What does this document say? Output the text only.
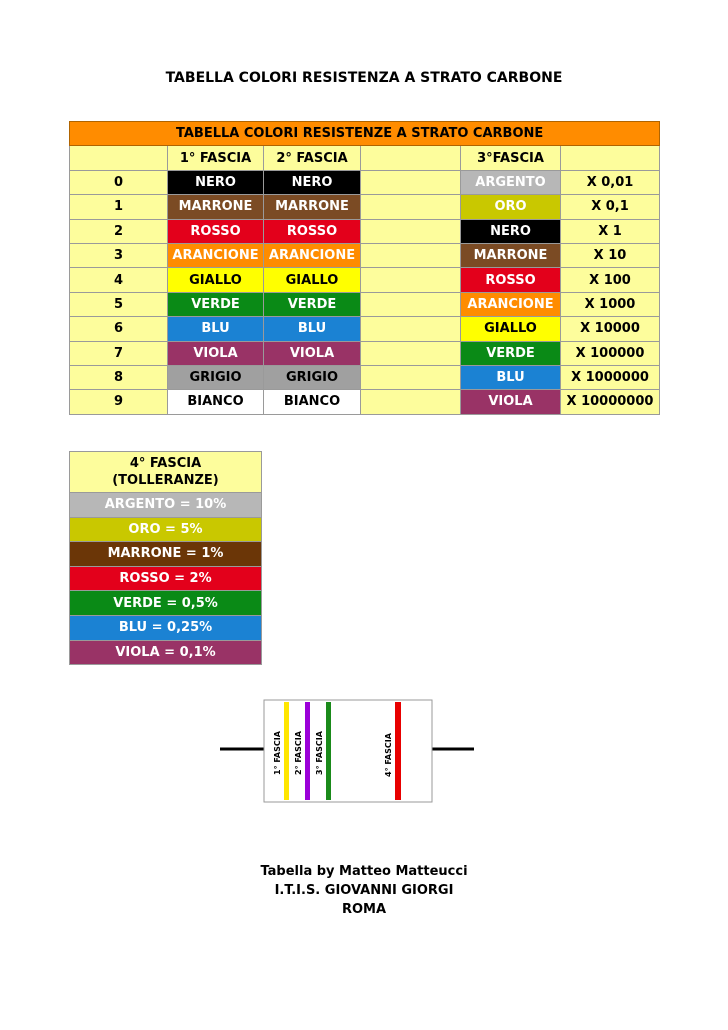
TABELLA COLORI RESISTENZA A STRATO CARBONE
TABELLA COLORI RESISTENZE A STRATO CARBONE					
	1° FASCIA	2° FASCIA		3°FASCIA	
0	NERO	NERO		ARGENTO	X 0,01
1	MARRONE	MARRONE		ORO	X 0,1
2	ROSSO	ROSSO		NERO	X 1
3	ARANCIONE	ARANCIONE		MARRONE	X 10
4	GIALLO	GIALLO		ROSSO	X 100
5	VERDE	VERDE		ARANCIONE	X 1000
6	BLU	BLU		GIALLO	X 10000
7	VIOLA	VIOLA		VERDE	X 100000
8	GRIGIO	GRIGIO		BLU	X 1000000
9	BIANCO	BIANCO		VIOLA	X 10000000
4° FASCIA
(TOLLERANZE)
ARGENTO = 10%
ORO = 5%
MARRONE = 1%
ROSSO = 2%
VERDE = 0,5%
BLU = 0,25%
VIOLA = 0,1%
1° FASCIA 2° FASCIA 3° FASCIA	4° FASCIA
Tabella by Matteo Matteucci
I.T.I.S. GIOVANNI GIORGI
ROMA
